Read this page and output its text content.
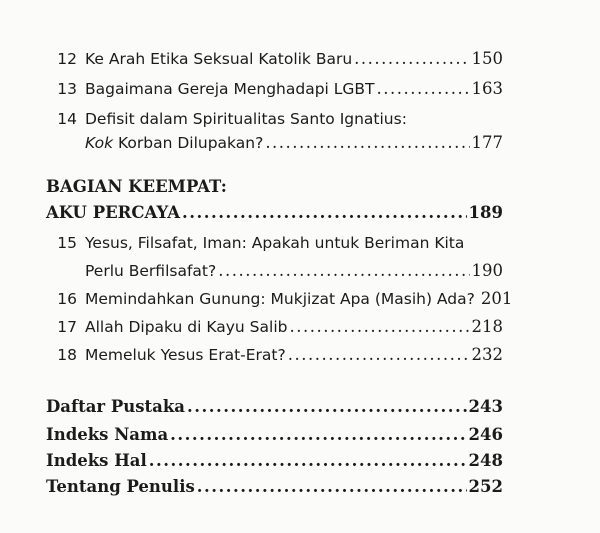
12 Ke Arah Etika Seksual Katolik Baru .....	150
13 Bagaimana Gereja Menghadapi LGBT .....	163
14 Defisit dalam Spiritualitas Santo Ignatius:
Kok Korban Dilupakan? .....	177
BAGIAN KEEMPAT:
AKU PERCAYA .....	189
15 Yesus, Filsafat, Iman: Apakah untuk Beriman Kita
Perlu Berfilsafat? .....	190
16 Memindahkan Gunung: Mukjizat Apa (Masih) Ada? 201
17 Allah Dipaku di Kayu Salib .....	218
18 Memeluk Yesus Erat-Erat? .....	232
Daftar Pustaka .....	243
Indeks Nama .....	246
Indeks Hal .....	248
Tentang Penulis .....	252
